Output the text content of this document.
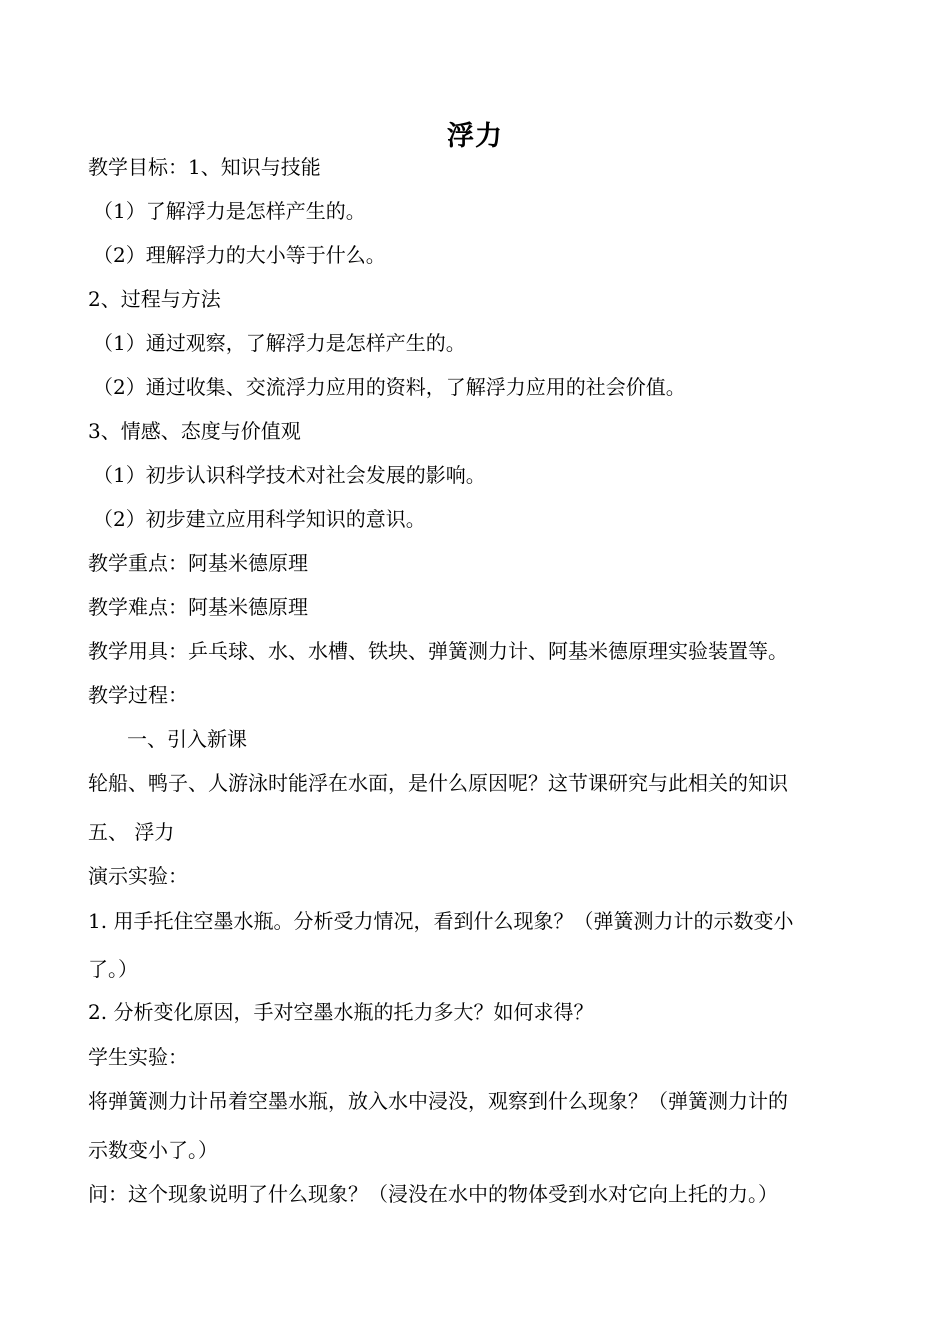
浮力
教学目标：1、知识与技能
（1）了解浮力是怎样产生的。
（2）理解浮力的大小等于什么。
2、过程与方法
（1）通过观察，了解浮力是怎样产生的。
（2）通过收集、交流浮力应用的资料，了解浮力应用的社会价值。
3、情感、态度与价值观
（1）初步认识科学技术对社会发展的影响。
（2）初步建立应用科学知识的意识。
教学重点：阿基米德原理
教学难点：阿基米德原理
教学用具：乒乓球、水、水槽、铁块、弹簧测力计、阿基米德原理实验装置等。
教学过程：
一、引入新课
轮船、鸭子、人游泳时能浮在水面，是什么原因呢？这节课研究与此相关的知识
五、 浮力
演示实验：
1. 用手托住空墨水瓶。分析受力情况，看到什么现象？（弹簧测力计的示数变小
了。）
2. 分析变化原因，手对空墨水瓶的托力多大？如何求得？
学生实验：
将弹簧测力计吊着空墨水瓶，放入水中浸没，观察到什么现象？（弹簧测力计的
示数变小了。）
问：这个现象说明了什么现象？（浸没在水中的物体受到水对它向上托的力。）
